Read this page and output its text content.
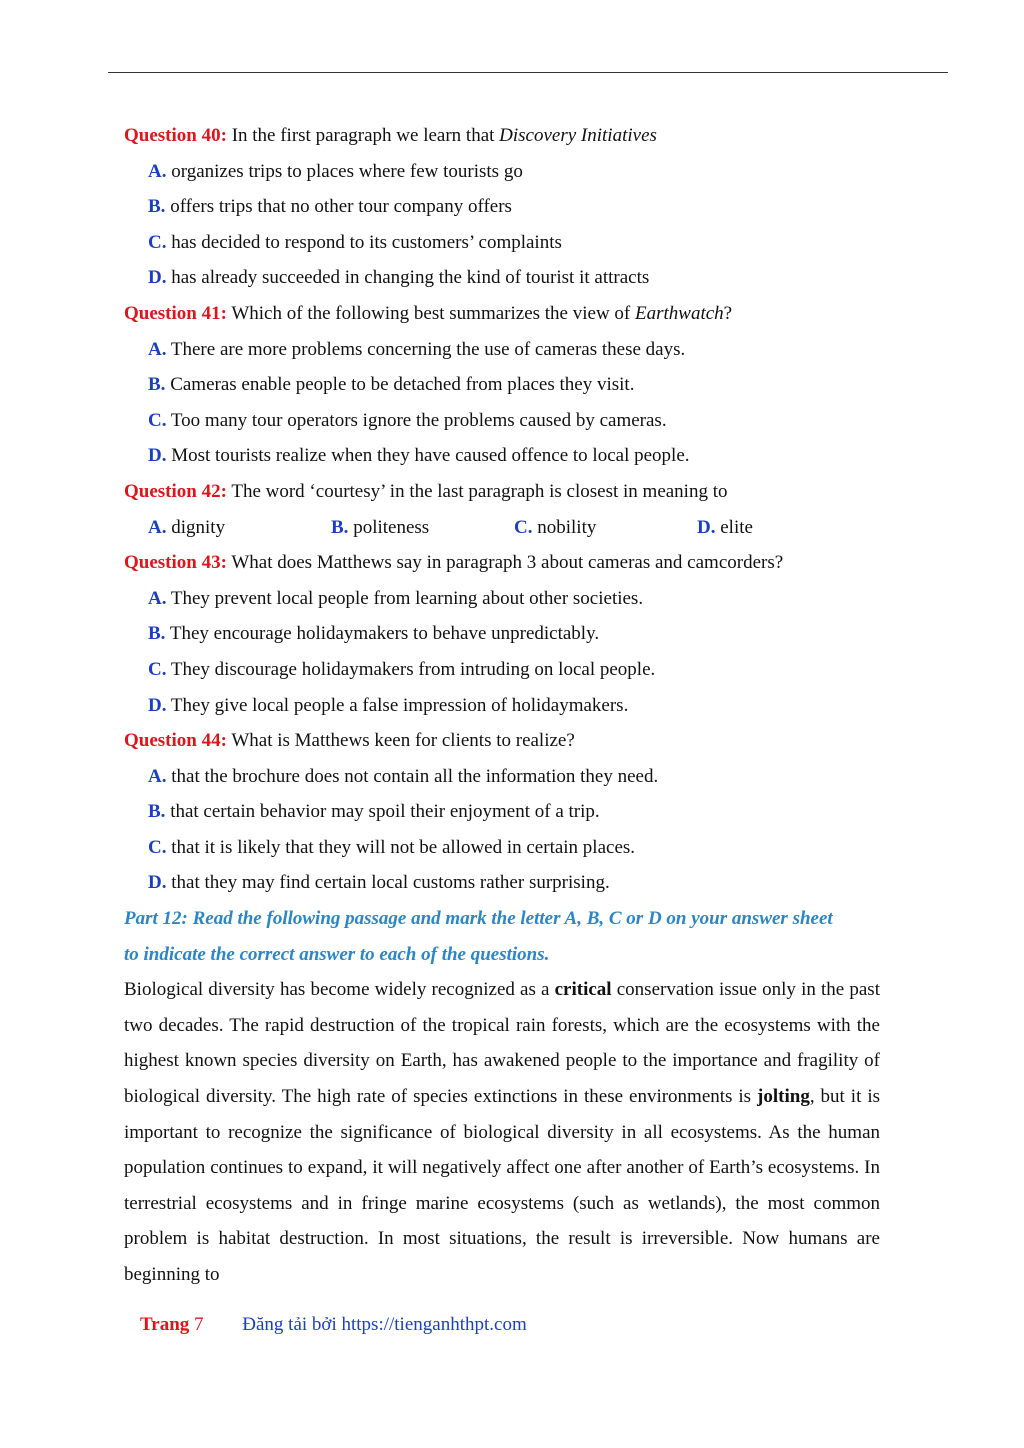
Question 40: In the first paragraph we learn that Discovery Initiatives
A. organizes trips to places where few tourists go
B. offers trips that no other tour company offers
C. has decided to respond to its customers’ complaints
D. has already succeeded in changing the kind of tourist it attracts
Question 41: Which of the following best summarizes the view of Earthwatch?
A. There are more problems concerning the use of cameras these days.
B. Cameras enable people to be detached from places they visit.
C. Too many tour operators ignore the problems caused by cameras.
D. Most tourists realize when they have caused offence to local people.
Question 42: The word ‘courtesy’ in the last paragraph is closest in meaning to
A. dignity	B. politeness	C. nobility	D. elite
Question 43: What does Matthews say in paragraph 3 about cameras and camcorders?
A. They prevent local people from learning about other societies.
B. They encourage holidaymakers to behave unpredictably.
C. They discourage holidaymakers from intruding on local people.
D. They give local people a false impression of holidaymakers.
Question 44: What is Matthews keen for clients to realize?
A. that the brochure does not contain all the information they need.
B. that certain behavior may spoil their enjoyment of a trip.
C. that it is likely that they will not be allowed in certain places.
D. that they may find certain local customs rather surprising.
Part 12: Read the following passage and mark the letter A, B, C or D on your answer sheet
to indicate the correct answer to each of the questions.
Biological diversity has become widely recognized as a critical conservation issue only in the past two decades. The rapid destruction of the tropical rain forests, which are the ecosystems with the highest known species diversity on Earth, has awakened people to the importance and fragility of biological diversity. The high rate of species extinctions in these environments is jolting, but it is important to recognize the significance of biological diversity in all ecosystems. As the human population continues to expand, it will negatively affect one after another of Earth’s ecosystems. In terrestrial ecosystems and in fringe marine ecosystems (such as wetlands), the most common problem is habitat destruction. In most situations, the result is irreversible. Now humans are beginning to
Trang 7 Đăng tải bởi https://tienganhthpt.com
